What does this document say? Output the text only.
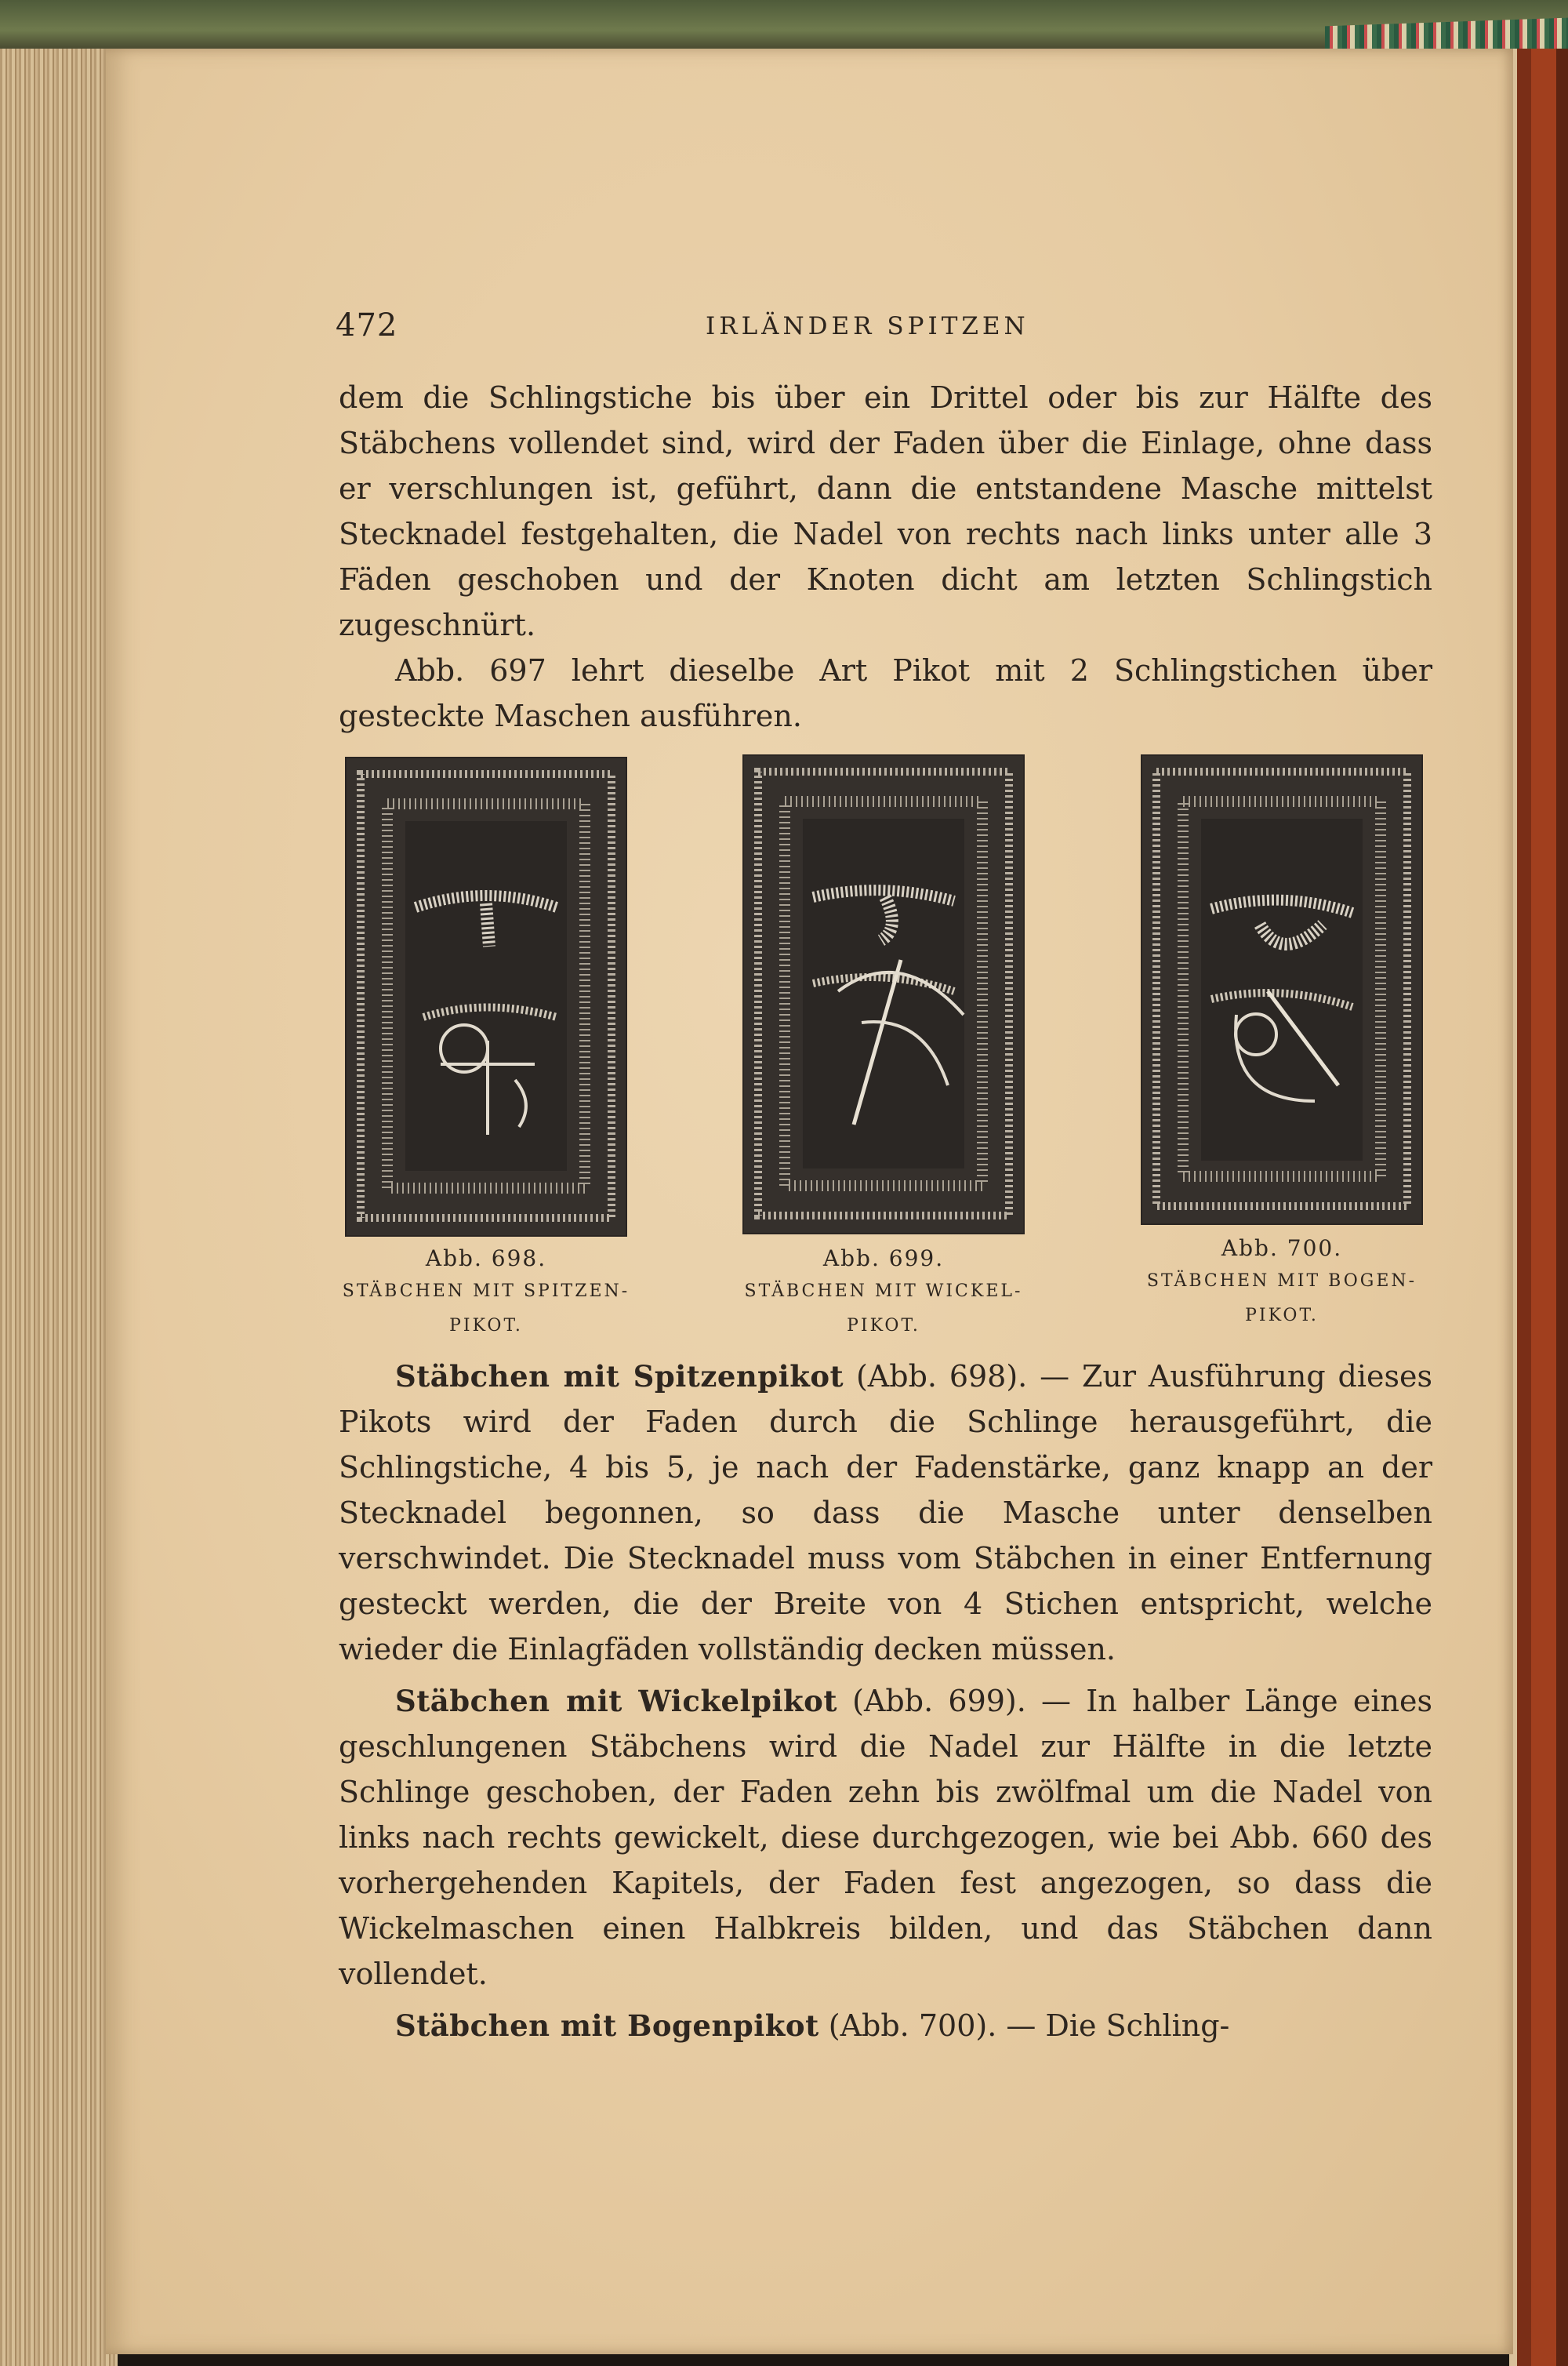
472	IRLÄNDER SPITZEN

dem die Schlingstiche bis über ein Drittel oder bis zur Hälfte des Stäbchens vollendet sind, wird der Faden über die Einlage, ohne dass er verschlungen ist, geführt, dann die entstandene Masche mittelst Stecknadel festgehalten, die Nadel von rechts nach links unter alle 3 Fäden geschoben und der Knoten dicht am letzten Schlingstich zugeschnürt.

Abb. 697 lehrt dieselbe Art Pikot mit 2 Schlingstichen über gesteckte Maschen ausführen.

Abb. 698.
STÄBCHEN MIT SPITZEN-
PIKOT.
Abb. 699.
STÄBCHEN MIT WICKEL-
PIKOT.
Abb. 700.
STÄBCHEN MIT BOGEN-
PIKOT.

Stäbchen mit Spitzenpikot (Abb. 698). — Zur Ausführung dieses Pikots wird der Faden durch die Schlinge herausgeführt, die Schlingstiche, 4 bis 5, je nach der Fadenstärke, ganz knapp an der Stecknadel begonnen, so dass die Masche unter denselben verschwindet. Die Stecknadel muss vom Stäbchen in einer Entfernung gesteckt werden, die der Breite von 4 Stichen entspricht, welche wieder die Einlagfäden vollständig decken müssen.

Stäbchen mit Wickelpikot (Abb. 699). — In halber Länge eines geschlungenen Stäbchens wird die Nadel zur Hälfte in die letzte Schlinge geschoben, der Faden zehn bis zwölfmal um die Nadel von links nach rechts gewickelt, diese durchgezogen, wie bei Abb. 660 des vorhergehenden Kapitels, der Faden fest angezogen, so dass die Wickelmaschen einen Halbkreis bilden, und das Stäbchen dann vollendet.

Stäbchen mit Bogenpikot (Abb. 700). — Die Schling-
